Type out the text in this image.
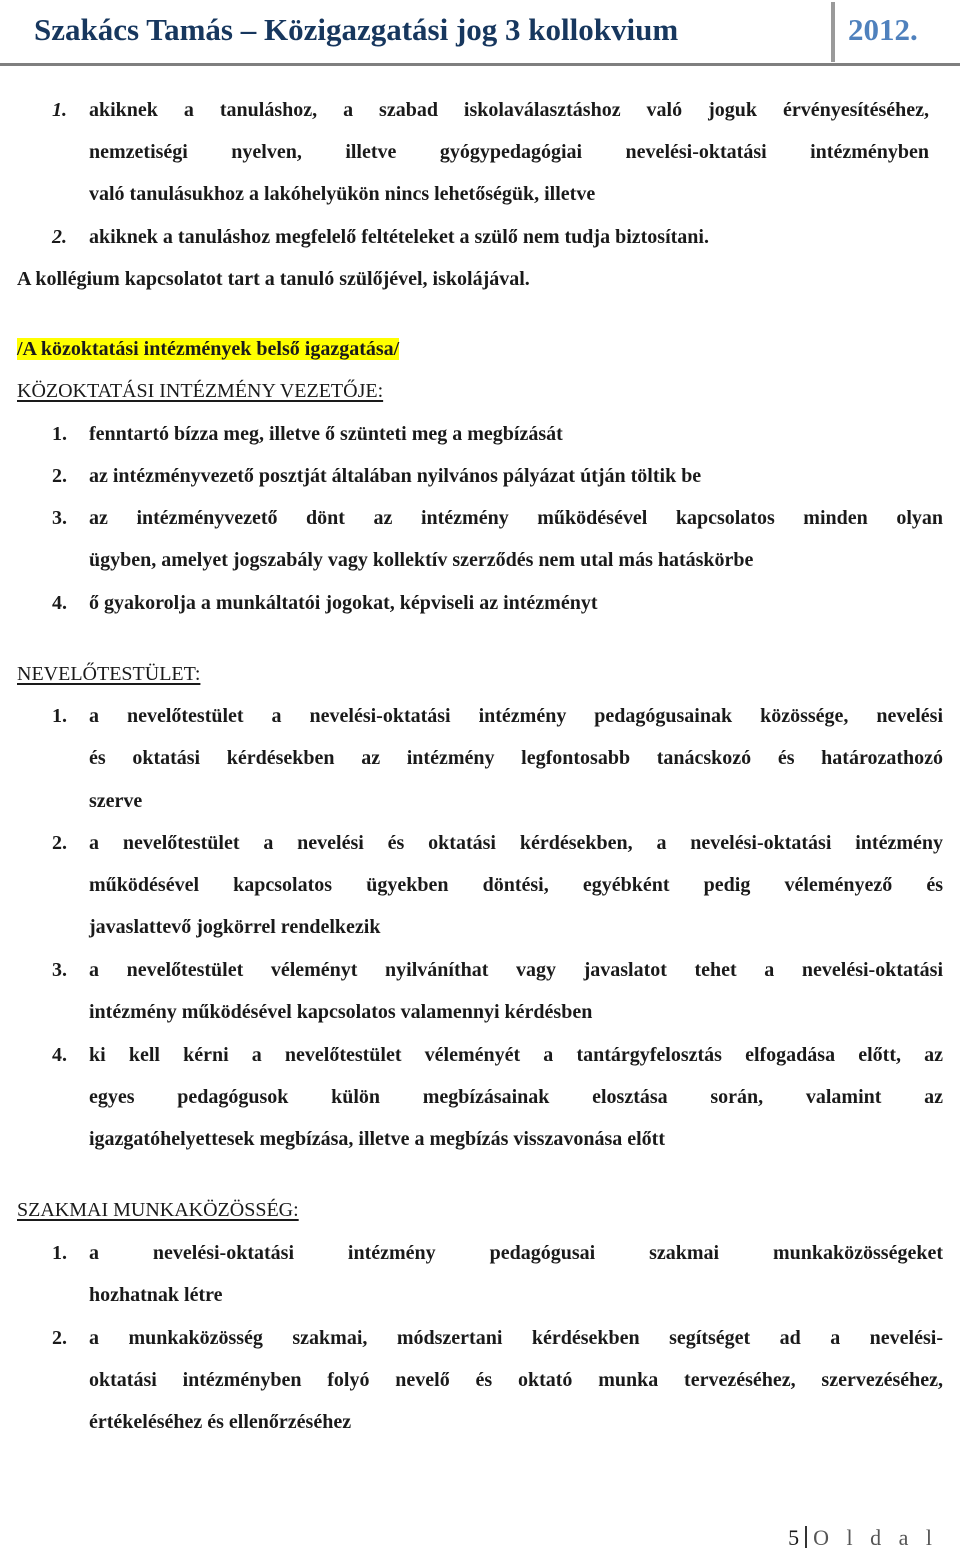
Szakács Tamás – Közigazgatási jog 3 kollokvium	2012.
1. akiknek a tanuláshoz, a szabad iskolaválasztáshoz való joguk érvényesítéséhez,
nemzetiségi nyelven, illetve gyógypedagógiai nevelési-oktatási intézményben
való tanulásukhoz a lakóhelyükön nincs lehetőségük, illetve
2. akiknek a tanuláshoz megfelelő feltételeket a szülő nem tudja biztosítani.
A kollégium kapcsolatot tart a tanuló szülőjével, iskolájával.
/A közoktatási intézmények belső igazgatása/
KÖZOKTATÁSI INTÉZMÉNY VEZETŐJE:
1. fenntartó bízza meg, illetve ő szünteti meg a megbízását
2. az intézményvezető posztját általában nyilvános pályázat útján töltik be
3. az intézményvezető dönt az intézmény működésével kapcsolatos minden olyan
ügyben, amelyet jogszabály vagy kollektív szerződés nem utal más hatáskörbe
4. ő gyakorolja a munkáltatói jogokat, képviseli az intézményt
NEVELŐTESTÜLET:
1. a nevelőtestület a nevelési-oktatási intézmény pedagógusainak közössége, nevelési
és oktatási kérdésekben az intézmény legfontosabb tanácskozó és határozathozó
szerve
2. a nevelőtestület a nevelési és oktatási kérdésekben, a nevelési-oktatási intézmény
működésével kapcsolatos ügyekben döntési, egyébként pedig véleményező és
javaslattevő jogkörrel rendelkezik
3. a nevelőtestület véleményt nyilváníthat vagy javaslatot tehet a nevelési-oktatási
intézmény működésével kapcsolatos valamennyi kérdésben
4. ki kell kérni a nevelőtestület véleményét a tantárgyfelosztás elfogadása előtt, az
egyes pedagógusok külön megbízásainak elosztása során, valamint az
igazgatóhelyettesek megbízása, illetve a megbízás visszavonása előtt
SZAKMAI MUNKAKÖZÖSSÉG:
1. a nevelési-oktatási intézmény pedagógusai szakmai munkaközösségeket
hozhatnak létre
2. a munkaközösség szakmai, módszertani kérdésekben segítséget ad a nevelési-
oktatási intézményben folyó nevelő és oktató munka tervezéséhez, szervezéséhez,
értékeléséhez és ellenőrzéséhez
5 O l d a l
